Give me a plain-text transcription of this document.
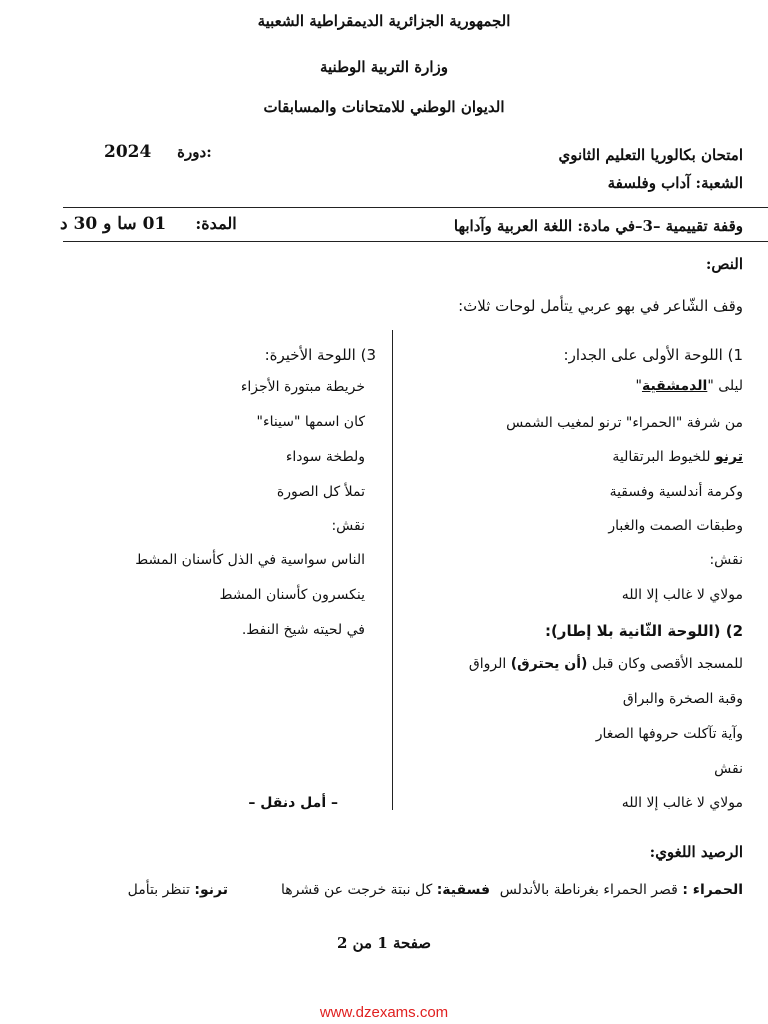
الجمهورية الجزائرية الديمقراطية الشعبية
وزارة التربية الوطنية
الديوان الوطني للامتحانات والمسابقات
امتحان بكالوريا التعليم الثانوي
2024 دورة:
الشعبة: آداب وفلسفة
وقفة تقييمية –3–في مادة: اللغة العربية وآدابها
المدة:  01 سا و 30 د
النص:
وقف الشّاعر في بهو عربي يتأمل لوحات ثلاث:
1) اللوحة الأولى على الجدار:
ليلى "الدمشقية"
من شرفة "الحمراء" ترنو لمغيب الشمس
ترنو للخيوط البرتقالية
وكرمة أندلسية وفسقية
وطبقات الصمت والغبار
نقش:
مولاي لا غالب إلا الله
2) (اللوحة الثّانية بلا إطار):
للمسجد الأقصى وكان قبل (أن يحترق) الرواق
وقبة الصخرة والبراق
وآية تآكلت حروفها الصغار
نقش
مولاي لا غالب إلا الله
3) اللوحة الأخيرة:
خريطة مبتورة الأجزاء
كان اسمها "سيناء"
ولطخة سوداء
تملأ كل الصورة
نقش:
الناس سواسية في الذل كأسنان المشط
ينكسرون كأسنان المشط
في لحيته شيخ النفط.
– أمل دنقل –
الرصيد اللغوي:
الحمراء : قصر الحمراء بغرناطة بالأندلس
فسقية: كل نبتة خرجت عن قشرها
ترنو: تنظر بتأمل
صفحة 1 من 2
www.dzexams.com
